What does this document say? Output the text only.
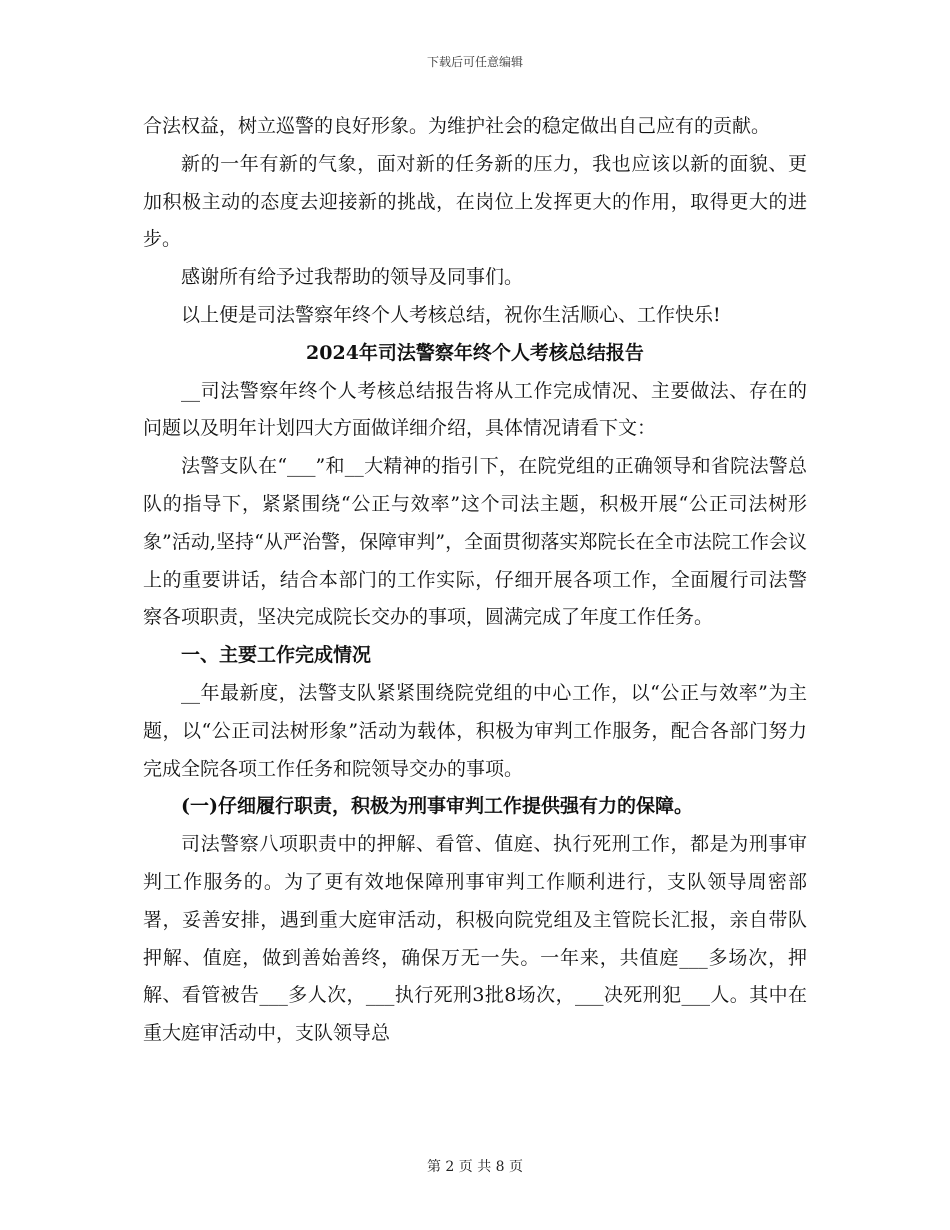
下载后可任意编辑

合法权益，树立巡警的良好形象。为维护社会的稳定做出自己应有的贡献。

新的一年有新的气象，面对新的任务新的压力，我也应该以新的面貌、更加积极主动的态度去迎接新的挑战，在岗位上发挥更大的作用，取得更大的进步。

感谢所有给予过我帮助的领导及同事们。

以上便是司法警察年终个人考核总结，祝你生活顺心、工作快乐!

2024年司法警察年终个人考核总结报告

__司法警察年终个人考核总结报告将从工作完成情况、主要做法、存在的问题以及明年计划四大方面做详细介绍，具体情况请看下文：

法警支队在“___”和__大精神的指引下，在院党组的正确领导和省院法警总队的指导下，紧紧围绕“公正与效率”这个司法主题，积极开展“公正司法树形象”活动,坚持“从严治警，保障审判”，全面贯彻落实郑院长在全市法院工作会议上的重要讲话，结合本部门的工作实际，仔细开展各项工作，全面履行司法警察各项职责，坚决完成院长交办的事项，圆满完成了年度工作任务。

一、主要工作完成情况

__年最新度，法警支队紧紧围绕院党组的中心工作，以“公正与效率”为主题，以“公正司法树形象”活动为载体，积极为审判工作服务，配合各部门努力完成全院各项工作任务和院领导交办的事项。

(一)仔细履行职责，积极为刑事审判工作提供强有力的保障。

司法警察八项职责中的押解、看管、值庭、执行死刑工作，都是为刑事审判工作服务的。为了更有效地保障刑事审判工作顺利进行，支队领导周密部署，妥善安排，遇到重大庭审活动，积极向院党组及主管院长汇报，亲自带队押解、值庭，做到善始善终，确保万无一失。一年来，共值庭___多场次，押解、看管被告___多人次，___执行死刑3批8场次，___决死刑犯___人。其中在重大庭审活动中，支队领导总

第 2 页 共 8 页
